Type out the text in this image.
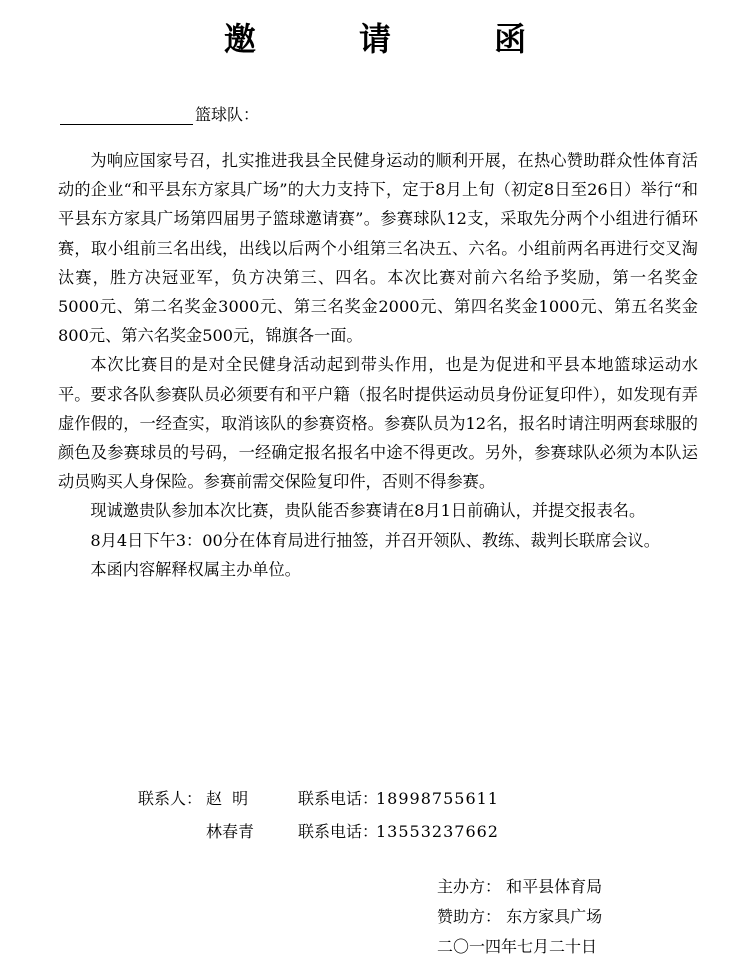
邀 请 函
篮球队：

为响应国家号召，扎实推进我县全民健身运动的顺利开展，在热心赞助群众性体育活动的企业“和平县东方家具广场”的大力支持下，定于8月上旬（初定8日至26日）举行“和平县东方家具广场第四届男子篮球邀请赛”。参赛球队12支，采取先分两个小组进行循环赛，取小组前三名出线，出线以后两个小组第三名决五、六名。小组前两名再进行交叉淘汰赛，胜方决冠亚军，负方决第三、四名。本次比赛对前六名给予奖励，第一名奖金5000元、第二名奖金3000元、第三名奖金2000元、第四名奖金1000元、第五名奖金800元、第六名奖金500元，锦旗各一面。

本次比赛目的是对全民健身活动起到带头作用，也是为促进和平县本地篮球运动水平。要求各队参赛队员必须要有和平户籍（报名时提供运动员身份证复印件），如发现有弄虚作假的，一经查实，取消该队的参赛资格。参赛队员为12名，报名时请注明两套球服的颜色及参赛球员的号码，一经确定报名报名中途不得更改。另外，参赛球队必须为本队运动员购买人身保险。参赛前需交保险复印件，否则不得参赛。

现诚邀贵队参加本次比赛，贵队能否参赛请在8月1日前确认，并提交报表名。

8月4日下午3：00分在体育局进行抽签，并召开领队、教练、裁判长联席会议。

本函内容解释权属主办单位。

联系人： 赵  明	联系电话：
18998755611
林春青	联系电话：
13553237662
主办方： 和平县体育局
赞助方： 东方家具广场
二〇一四年七月二十日
